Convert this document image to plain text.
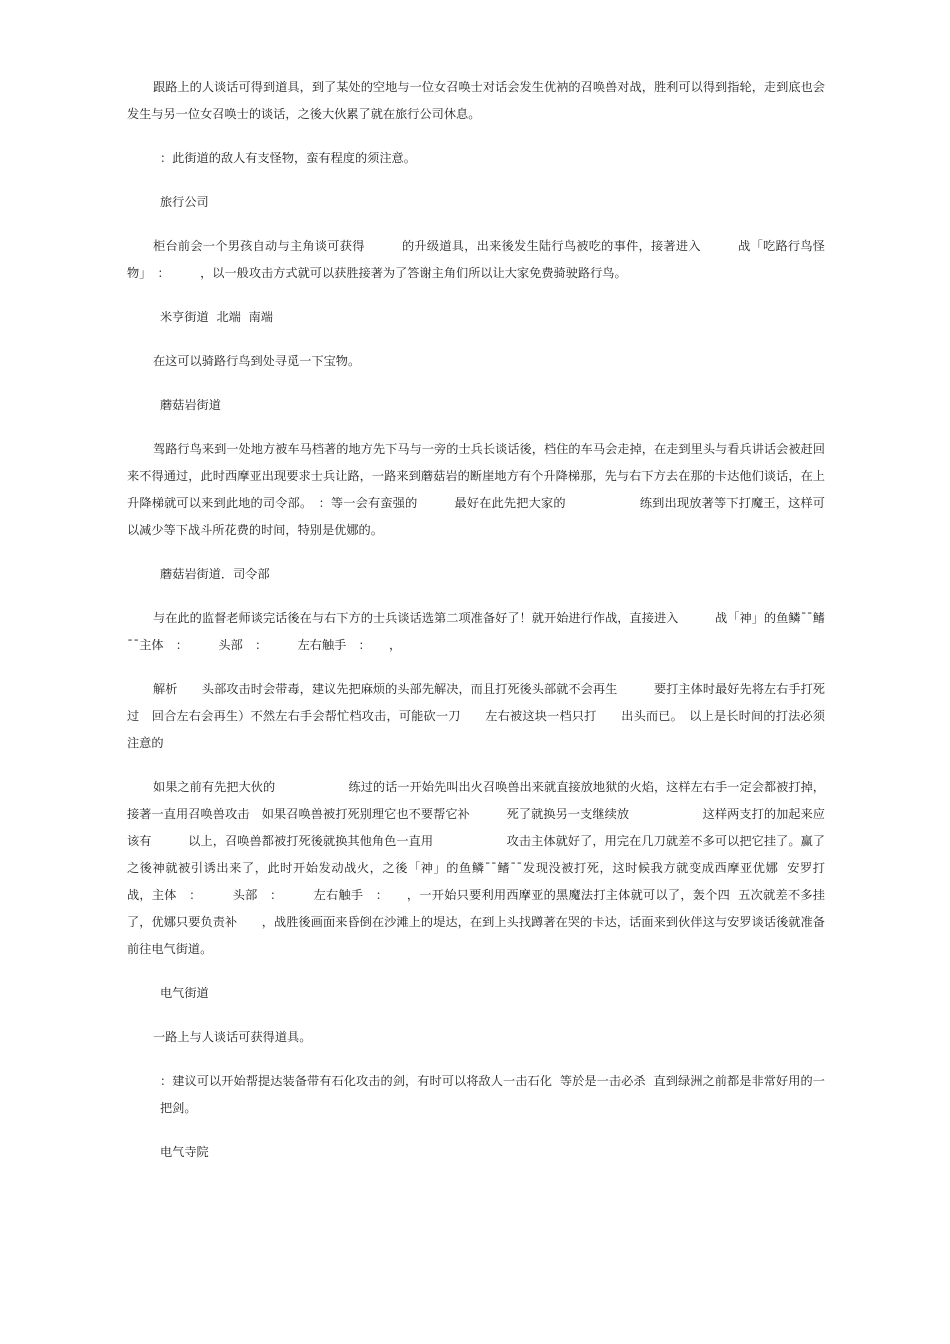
跟路上的人谈话可得到道具，到了某处的空地与一位女召唤士对话会发生优衲的召唤兽对战，胜利可以得到指轮，走到底也会发生与另一位女召唤士的谈话，之後大伙累了就在旅行公司休息。

：此街道的敌人有支怪物，蛮有程度的须注意。

旅行公司

柜台前会一个男孩自动与主角谈可获得　　　的升级道具，出来後发生陆行鸟被吃的事件，接著进入　　　战「吃路行鸟怪物」　：　　　，以一般攻击方式就可以获胜接著为了答谢主角们所以让大家免费骑驶路行鸟。

米亨街道  北端  南端

在这可以骑路行鸟到处寻觅一下宝物。

蘑菇岩街道

驾路行鸟来到一处地方被车马档著的地方先下马与一旁的士兵长谈话後，档住的车马会走掉，在走到里头与看兵讲话会被赶回来不得通过，此时西摩亚出现要求士兵让路，一路来到蘑菇岩的断崖地方有个升降梯那，先与右下方去在那的卡达他们谈话，在上升降梯就可以来到此地的司令部。　：等一会有蛮强的　　　最好在此先把大家的　　　　　　练到出现放著等下打魔王，这样可以减少等下战斗所花费的时间，特别是优娜的。

蘑菇岩街道．司令部

与在此的监督老师谈完话後在与右下方的士兵谈话选第二项准备好了！就开始进行作战，直接进入　　　战「神」的鱼鳞¯¯鳍¯¯主体　：　　　头部　：　　　左右触手　：　　，

解析　　头部攻击时会带毒，建议先把麻烦的头部先解决，而且打死後头部就不会再生　　　要打主体时最好先将左右手打死  过　回合左右会再生）不然左右手会帮忙档攻击，可能砍一刀　　左右被这块一档只打　　出头而已。　以上是长时间的打法必须注意的

如果之前有先把大伙的　　　　　　练过的话一开始先叫出火召唤兽出来就直接放地狱的火焰，这样左右手一定会都被打掉，接著一直用召唤兽攻击　如果召唤兽被打死别理它也不要帮它补　　　死了就换另一支继续放　　　　　　这样两支打的加起来应该有　　　以上，召唤兽都被打死後就换其他角色一直用　　　　　　攻击主体就好了，用完在几刀就差不多可以把它挂了。赢了之後神就被引诱出来了，此时开始发动战火，之後「神」的鱼鳞¯¯鳍¯¯发现没被打死，这时候我方就变成西摩亚优娜  安罗打　　战，主体　：　　　头部　：　　　左右触手　：　　，一开始只要利用西摩亚的黑魔法打主体就可以了，轰个四  五次就差不多挂了，优娜只要负责补　　，战胜後画面来昏倒在沙滩上的堤达，在到上头找蹲著在哭的卡达，话面来到伙伴这与安罗谈话後就准备前往电气街道。

电气街道

一路上与人谈话可获得道具。

：建议可以开始帮提达装备带有石化攻击的剑，有时可以将敌人一击石化  等於是一击必杀  直到绿洲之前都是非常好用的一把剑。

电气寺院
